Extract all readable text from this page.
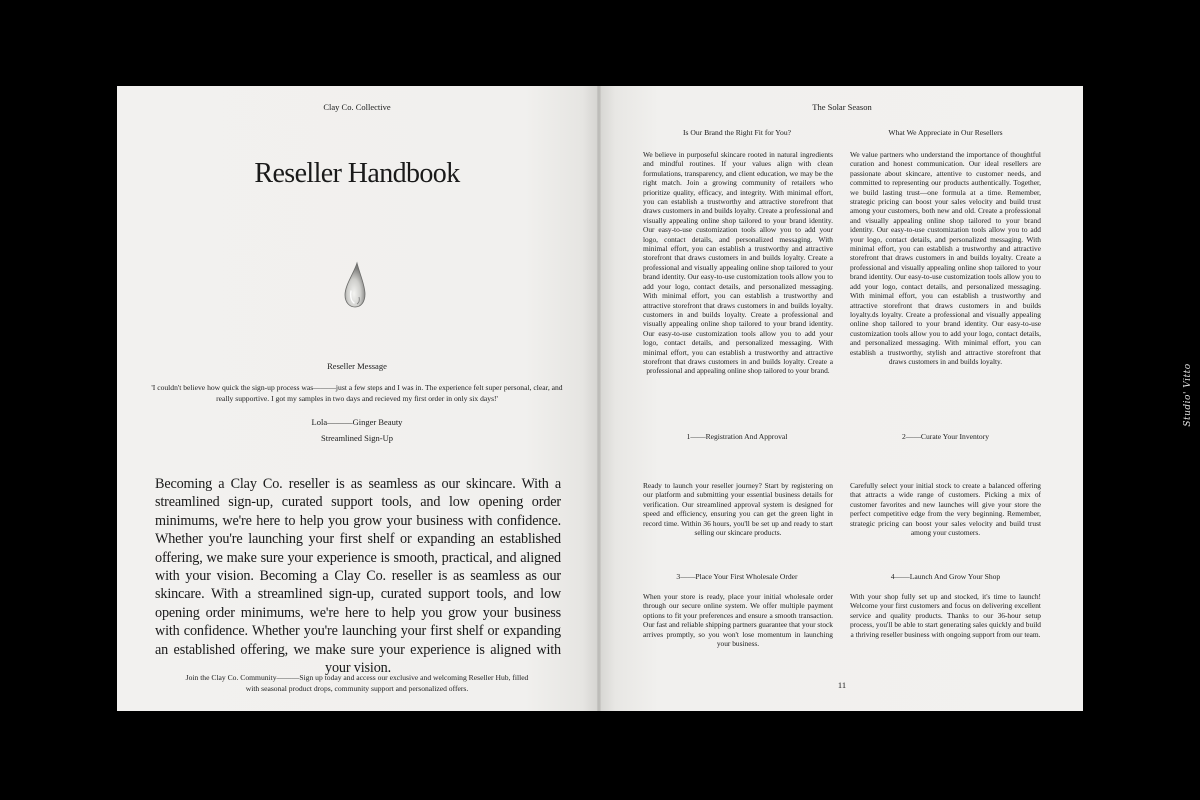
Clay Co. Collective
Reseller Handbook
Reseller Message
'I couldn't believe how quick the sign-up process was———just a few steps and I was in. The experience felt super personal, clear, and really supportive. I got my samples in two days and recieved my first order in only six days!'
Lola———Ginger Beauty
Streamlined Sign-Up
Becoming a Clay Co. reseller is as seamless as our skincare. With a streamlined sign-up, curated support tools, and low opening order minimums, we're here to help you grow your business with confidence. Whether you're launching your first shelf or expanding an established offering, we make sure your experience is smooth, practical, and aligned with your vision. Becoming a Clay Co. reseller is as seamless as our skincare. With a streamlined sign-up, curated support tools, and low opening order minimums, we're here to help you grow your business with confidence. Whether you're launching your first shelf or expanding an established offering, we make sure your experience is aligned with your vision.
Join the Clay Co. Community———Sign up today and access our exclusive and welcoming Reseller Hub, filled with seasonal product drops, community support and personalized offers.
The Solar Season
Is Our Brand the Right Fit for You?
We believe in purposeful skincare rooted in natural ingredients and mindful routines. If your values align with clean formulations, transparency, and client education, we may be the right match. Join a growing community of retailers who prioritize quality, efficacy, and integrity. With minimal effort, you can establish a trustworthy and attractive storefront that draws customers in and builds loyalty. Create a professional and visually appealing online shop tailored to your brand identity. Our easy-to-use customization tools allow you to add your logo, contact details, and personalized messaging. With minimal effort, you can establish a trustworthy and attractive storefront that draws customers in and builds loyalty. Create a professional and visually appealing online shop tailored to your brand identity. Our easy-to-use customization tools allow you to add your logo, contact details, and personalized messaging. With minimal effort, you can establish a trustworthy and attractive storefront that draws customers in and builds loyalty. customers in and builds loyalty. Create a professional and visually appealing online shop tailored to your brand identity. Our easy-to-use customization tools allow you to add your logo, contact details, and personalized messaging. With minimal effort, you can establish a trustworthy and attractive storefront that draws customers in and builds loyalty. Create a professional and appealing online shop tailored to your brand.
What We Appreciate in Our Resellers
We value partners who understand the importance of thoughtful curation and honest communication. Our ideal resellers are passionate about skincare, attentive to customer needs, and committed to representing our products authentically. Together, we build lasting trust—one formula at a time. Remember, strategic pricing can boost your sales velocity and build trust among your customers, both new and old. Create a professional and visually appealing online shop tailored to your brand identity. Our easy-to-use customization tools allow you to add your logo, contact details, and personalized messaging. With minimal effort, you can establish a trustworthy and attractive storefront that draws customers in and builds loyalty. Create a professional and visually appealing online shop tailored to your brand identity. Our easy-to-use customization tools allow you to add your logo, contact details, and personalized messaging. With minimal effort, you can establish a trustworthy and attractive storefront that draws customers in and builds loyalty.ds loyalty. Create a professional and visually appealing online shop tailored to your brand identity. Our easy-to-use customization tools allow you to add your logo, contact details, and personalized messaging. With minimal effort, you can establish a trustworthy, stylish and attractive storefront that draws customers in and builds loyalty.
1——Registration And Approval
Ready to launch your reseller journey? Start by registering on our platform and submitting your essential business details for verification. Our streamlined approval system is designed for speed and efficiency, ensuring you can get the green light in record time. Within 36 hours, you'll be set up and ready to start selling our skincare products.
2——Curate Your Inventory
Carefully select your initial stock to create a balanced offering that attracts a wide range of customers. Picking a mix of customer favorites and new launches will give your store the perfect competitive edge from the very beginning. Remember, strategic pricing can boost your sales velocity and build trust among your customers.
3——Place Your First Wholesale Order
When your store is ready, place your initial wholesale order through our secure online system. We offer multiple payment options to fit your preferences and ensure a smooth transaction. Our fast and reliable shipping partners guarantee that your stock arrives promptly, so you won't lose momentum in launching your business.
4——Launch And Grow Your Shop
With your shop fully set up and stocked, it's time to launch! Welcome your first customers and focus on delivering excellent service and quality products. Thanks to our 36-hour setup process, you'll be able to start generating sales quickly and build a thriving reseller business with ongoing support from our team.
11
Studio' Vitto
